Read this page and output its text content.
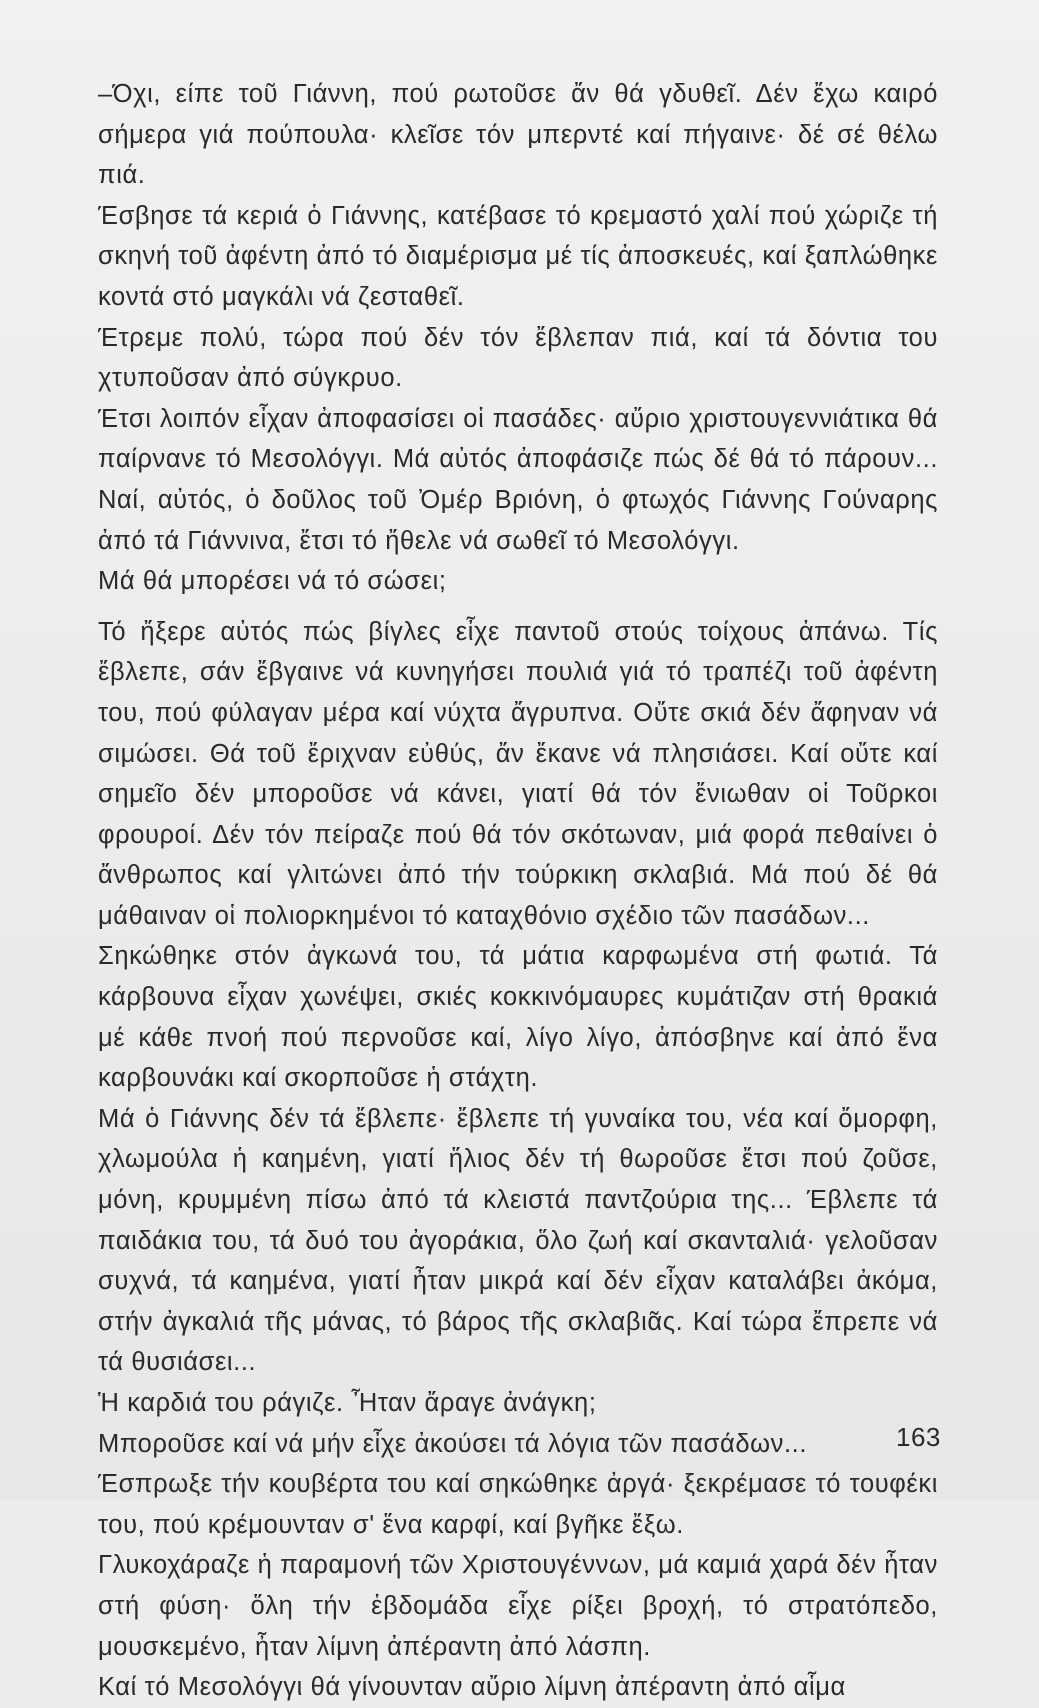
–Όχι, είπε τοῦ Γιάννη, πού ρωτοῦσε ἄν θά γδυθεῖ. Δέν ἔχω καιρό σήμερα γιά πούπουλα· κλεῖσε τόν μπερντέ καί πήγαινε· δέ σέ θέλω πιά.

Έσβησε τά κεριά ὁ Γιάννης, κατέβασε τό κρεμαστό χαλί πού χώριζε τή σκηνή τοῦ ἀφέντη ἀπό τό διαμέρισμα μέ τίς ἀποσκευές, καί ξαπλώθηκε κοντά στό μαγκάλι νά ζεσταθεῖ.

Έτρεμε πολύ, τώρα πού δέν τόν ἔβλεπαν πιά, καί τά δόντια του χτυποῦσαν ἀπό σύγκρυο.

Έτσι λοιπόν εἶχαν ἀποφασίσει οἱ πασάδες· αὔριο χριστουγεννιάτικα θά παίρνανε τό Μεσολόγγι. Μά αὐτός ἀποφάσιζε πώς δέ θά τό πάρουν... Ναί, αὐτός, ὁ δοῦλος τοῦ Ὀμέρ Βριόνη, ὁ φτωχός Γιάννης Γούναρης ἀπό τά Γιάννινα, ἔτσι τό ἤθελε νά σωθεῖ τό Μεσολόγγι.

Μά θά μπορέσει νά τό σώσει;

Τό ἤξερε αὐτός πώς βίγλες εἶχε παντοῦ στούς τοίχους ἀπάνω. Τίς ἔβλεπε, σάν ἔβγαινε νά κυνηγήσει πουλιά γιά τό τραπέζι τοῦ ἀφέντη του, πού φύλαγαν μέρα καί νύχτα ἄγρυπνα. Οὔτε σκιά δέν ἄφηναν νά σιμώσει. Θά τοῦ ἔριχναν εὐθύς, ἄν ἔκανε νά πλησιάσει. Καί οὔτε καί σημεῖο δέν μποροῦσε νά κάνει, γιατί θά τόν ἔνιωθαν οἱ Τοῦρκοι φρουροί. Δέν τόν πείραζε πού θά τόν σκότωναν, μιά φορά πεθαίνει ὁ ἄνθρωπος καί γλιτώνει ἀπό τήν τούρκικη σκλαβιά. Μά πού δέ θά μάθαιναν οἱ πολιορκημένοι τό καταχθόνιο σχέδιο τῶν πασάδων...

Σηκώθηκε στόν ἀγκωνά του, τά μάτια καρφωμένα στή φωτιά. Τά κάρβουνα εἶχαν χωνέψει, σκιές κοκκινόμαυρες κυμάτιζαν στή θρακιά μέ κάθε πνοή πού περνοῦσε καί, λίγο λίγο, ἀπόσβηνε καί ἀπό ἕνα καρβουνάκι καί σκορποῦσε ἡ στάχτη.

Μά ὁ Γιάννης δέν τά ἔβλεπε· ἔβλεπε τή γυναίκα του, νέα καί ὄμορφη, χλωμούλα ἡ καημένη, γιατί ἥλιος δέν τή θωροῦσε ἔτσι πού ζοῦσε, μόνη, κρυμμένη πίσω ἀπό τά κλειστά παντζούρια της... Έβλεπε τά παιδάκια του, τά δυό του ἀγοράκια, ὅλο ζωή καί σκανταλιά· γελοῦσαν συχνά, τά καημένα, γιατί ἦταν μικρά καί δέν εἶχαν καταλάβει ἀκόμα, στήν ἀγκαλιά τῆς μάνας, τό βάρος τῆς σκλαβιᾶς. Καί τώρα ἔπρεπε νά τά θυσιάσει...

Ἡ καρδιά του ράγιζε. Ἦταν ἄραγε ἀνάγκη;

Μποροῦσε καί νά μήν εἶχε ἀκούσει τά λόγια τῶν πασάδων...

Έσπρωξε τήν κουβέρτα του καί σηκώθηκε ἀργά· ξεκρέμασε τό τουφέκι του, πού κρέμουνταν σ' ἕνα καρφί, καί βγῆκε ἔξω.

Γλυκοχάραζε ἡ παραμονή τῶν Χριστουγέννων, μά καμιά χαρά δέν ἦταν στή φύση· ὅλη τήν ἑβδομάδα εἶχε ρίξει βροχή, τό στρατόπεδο, μουσκεμένο, ἦταν λίμνη ἀπέραντη ἀπό λάσπη.

Καί τό Μεσολόγγι θά γίνουνταν αὔριο λίμνη ἀπέραντη ἀπό αἷμα

163
